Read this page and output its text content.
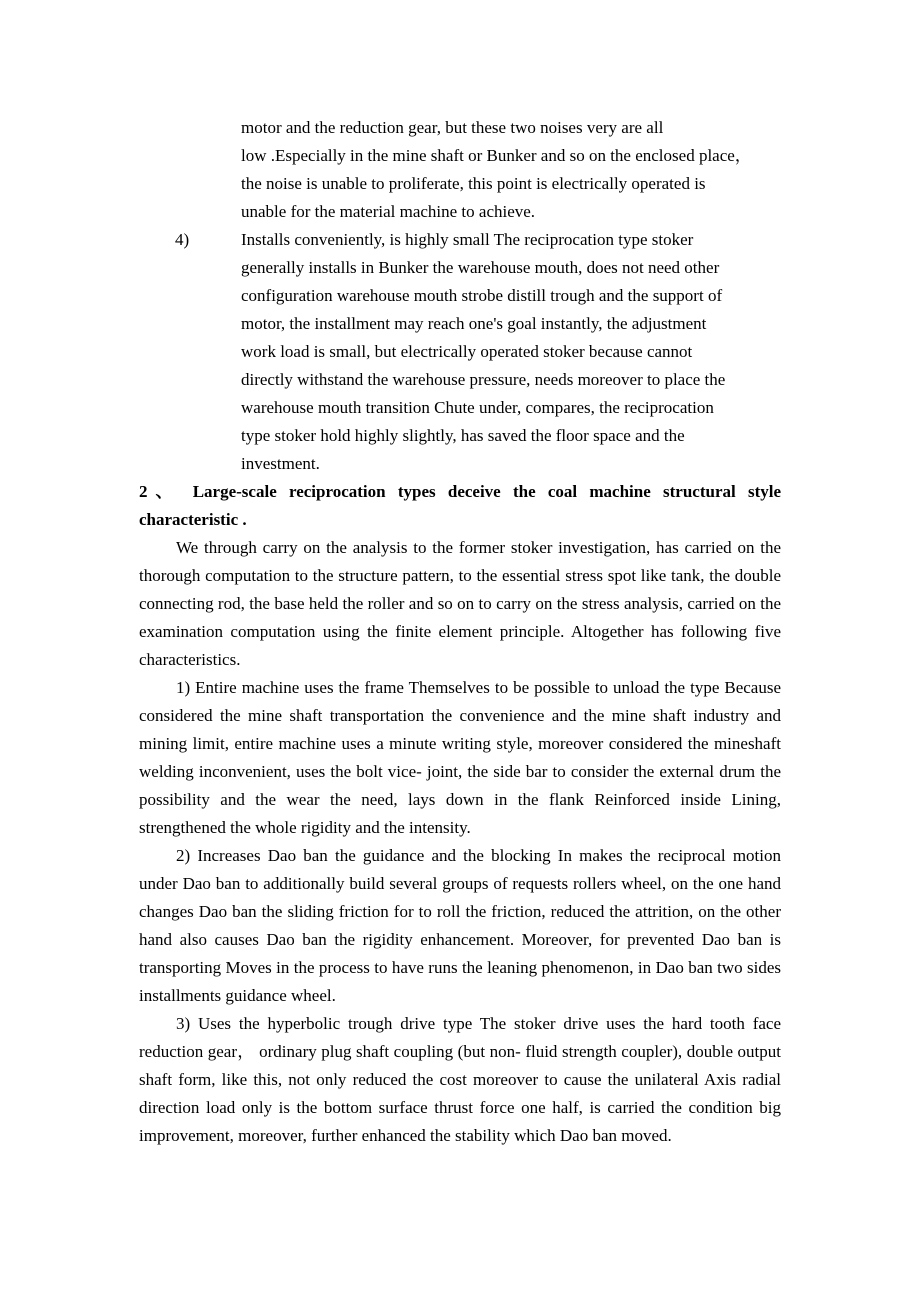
motor and the reduction gear, but these two noises very are all
low .Especially in the mine shaft or Bunker and so on the enclosed place，
the noise is unable to proliferate, this point is electrically operated is
unable for the material machine to achieve.
4)	Installs conveniently, is highly small The reciprocation type stoker
generally installs in Bunker the warehouse mouth, does not need other
configuration warehouse mouth strobe distill trough and the support of
motor, the installment may reach one's goal instantly, the adjustment
work load is small, but electrically operated stoker because cannot
directly withstand the warehouse pressure, needs moreover to place the
warehouse mouth transition Chute under, compares, the reciprocation
type stoker hold highly slightly, has saved the floor space and the
investment.

2、 Large-scale reciprocation types deceive the coal machine structural style characteristic .

We through carry on the analysis to the former stoker investigation, has carried on the thorough computation to the structure pattern, to the essential stress spot like tank, the double connecting rod, the base held the roller and so on to carry on the stress analysis, carried on the examination computation using the finite element principle. Altogether has following five characteristics.

1) Entire machine uses the frame Themselves to be possible to unload the type Because considered the mine shaft transportation the convenience and the mine shaft industry and mining limit, entire machine uses a minute writing style, moreover considered the mineshaft welding inconvenient, uses the bolt vice- joint, the side bar to consider the external drum the possibility and the wear the need, lays down in the flank Reinforced inside Lining, strengthened the whole rigidity and the intensity.

2) Increases Dao ban the guidance and the blocking In makes the reciprocal motion under Dao ban to additionally build several groups of requests rollers wheel, on the one hand changes Dao ban the sliding friction for to roll the friction, reduced the attrition, on the other hand also causes Dao ban the rigidity enhancement. Moreover, for prevented Dao ban is transporting Moves in the process to have runs the leaning phenomenon, in Dao ban two sides installments guidance wheel.

3) Uses the hyperbolic trough drive type The stoker drive uses the hard tooth face reduction gear， ordinary plug shaft coupling (but non- fluid strength coupler), double output shaft form, like this, not only reduced the cost moreover to cause the unilateral Axis radial direction load only is the bottom surface thrust force one half, is carried the condition big improvement, moreover, further enhanced the stability which Dao ban moved.
